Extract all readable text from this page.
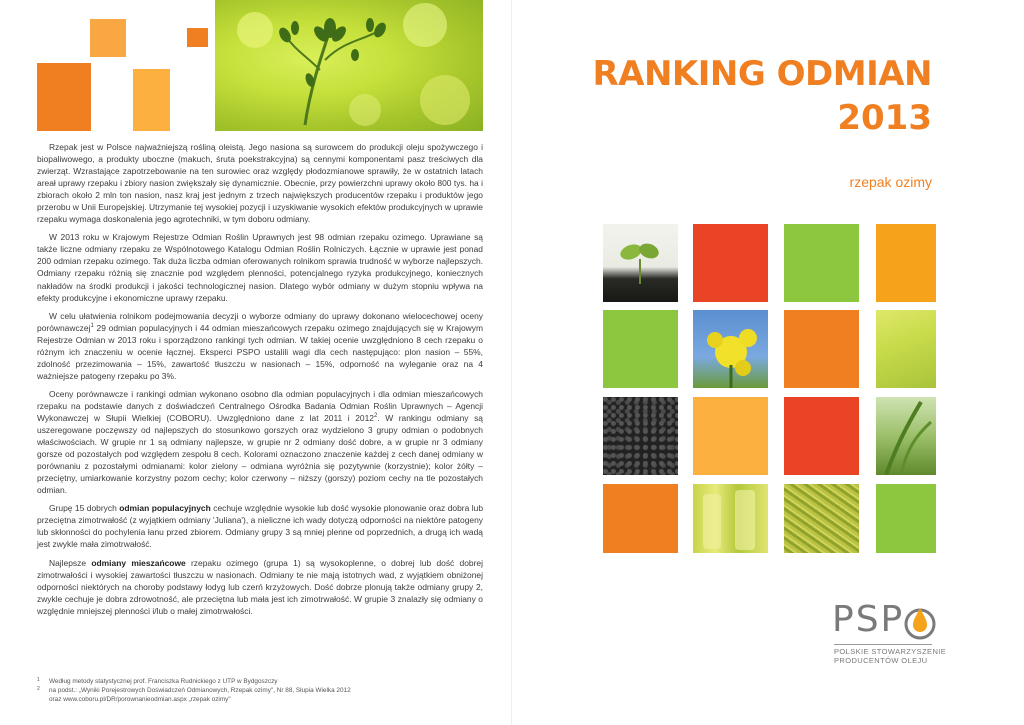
Rzepak jest w Polsce najważniejszą rośliną oleistą. Jego nasiona są surowcem do produkcji oleju spożywczego i biopaliwowego, a produkty uboczne (makuch, śruta poekstrakcyjna) są cennymi komponentami pasz treściwych dla zwierząt. Wzrastające zapotrzebowanie na ten surowiec oraz względy płodozmianowe sprawiły, że w ostatnich latach areał uprawy rzepaku i zbiory nasion zwiększały się dynamicznie. Obecnie, przy powierzchni uprawy około 800 tys. ha i zbiorach około 2 mln ton nasion, nasz kraj jest jednym z trzech największych producentów rzepaku i produktów jego przerobu w Unii Europejskiej. Utrzymanie tej wysokiej pozycji i uzyskiwanie wysokich efektów produkcyjnych w uprawie rzepaku wymaga doskonalenia jego agrotechniki, w tym doboru odmiany.

W 2013 roku w Krajowym Rejestrze Odmian Roślin Uprawnych jest 98 odmian rzepaku ozimego. Uprawiane są także liczne odmiany rzepaku ze Wspólnotowego Katalogu Odmian Roślin Rolniczych. Łącznie w uprawie jest ponad 200 odmian rzepaku ozimego. Tak duża liczba odmian oferowanych rolnikom sprawia trudność w wyborze najlepszych. Odmiany rzepaku różnią się znacznie pod względem plenności, potencjalnego ryzyka produkcyjnego, koniecznych nakładów na środki produkcji i jakości technologicznej nasion. Dlatego wybór odmiany w dużym stopniu wpływa na efekty produkcyjne i ekonomiczne uprawy rzepaku.

W celu ułatwienia rolnikom podejmowania decyzji o wyborze odmiany do uprawy dokonano wielocechowej oceny porównawczej$^1$ 29 odmian populacyjnych i 44 odmian mieszańcowych rzepaku ozimego znajdujących się w Krajowym Rejestrze Odmian w 2013 roku i sporządzono rankingi tych odmian. W takiej ocenie uwzględniono 8 cech rzepaku o różnym ich znaczeniu w ocenie łącznej. Eksperci PSPO ustalili wagi dla cech następująco: plon nasion – 55%, zdolność przezimowania – 15%, zawartość tłuszczu w nasionach – 15%, odporność na wyleganie oraz na 4 ważniejsze patogeny rzepaku po 3%.

Oceny porównawcze i rankingi odmian wykonano osobno dla odmian populacyjnych i dla odmian mieszańcowych rzepaku na podstawie danych z doświadczeń Centralnego Ośrodka Badania Odmian Roślin Uprawnych – Agencji Wykonawczej w Słupii Wielkiej (COBORU). Uwzględniono dane z lat 2011 i 2012$^2$. W rankingu odmiany są uszeregowane poczęwszy od najlepszych do stosunkowo gorszych oraz wydzielono 3 grupy odmian o podobnych właściwościach. W grupie nr 1 są odmiany najlepsze, w grupie nr 2 odmiany dość dobre, a w grupie nr 3 odmiany gorsze od pozostałych pod względem zespołu 8 cech. Kolorami oznaczono znaczenie każdej z cech danej odmiany w porównaniu z pozostałymi odmianami: kolor zielony – odmiana wyróżnia się pozytywnie (korzystnie); kolor żółty – przeciętny, umiarkowanie korzystny pozom cechy; kolor czerwony – niższy (gorszy) poziom cechy na tle pozostałych odmian.

Grupę 15 dobrych odmian populacyjnych cechuje względnie wysokie lub dość wysokie plonowanie oraz dobra lub przeciętna zimotrwałość (z wyjątkiem odmiany 'Juliana'), a nieliczne ich wady dotyczą odporności na niektóre patogeny lub skłonności do pochylenia łanu przed zbiorem. Odmiany grupy 3 są mniej plenne od poprzednich, a drugą ich wadą jest zwykle mała zimotrwałość.

Najlepsze odmiany mieszańcowe rzepaku ozimego (grupa 1) są wysokoplenne, o dobrej lub dość dobrej zimotrwałości i wysokiej zawartości tłuszczu w nasionach. Odmiany te nie mają istotnych wad, z wyjątkiem obniżonej odporności niektórych na choroby podstawy łodyg lub czerń krzyżowych. Dość dobrze plonują także odmiany grupy 2, zwykle cechuje je dobra zdrowotność, ale przeciętna lub mała jest ich zimotrwałość. W grupie 3 znalazły się odmiany o względnie mniejszej plenności i/lub o małej zimotrwałości.

1 Według metody statystycznej prof. Franciszka Rudnickiego z UTP w Bydgoszczy

2 na podst.: „Wyniki Porejestrowych Doświadczeń Odmianowych, Rzepak ozimy", Nr 88, Słupia Wielka 2012

oraz www.coboru.pl/DR/porownanieodmian.aspx „rzepak ozimy"

RANKING ODMIAN
2013
rzepak ozimy
PSP
POLSKIE STOWARZYSZENIE
PRODUCENTÓW OLEJU
